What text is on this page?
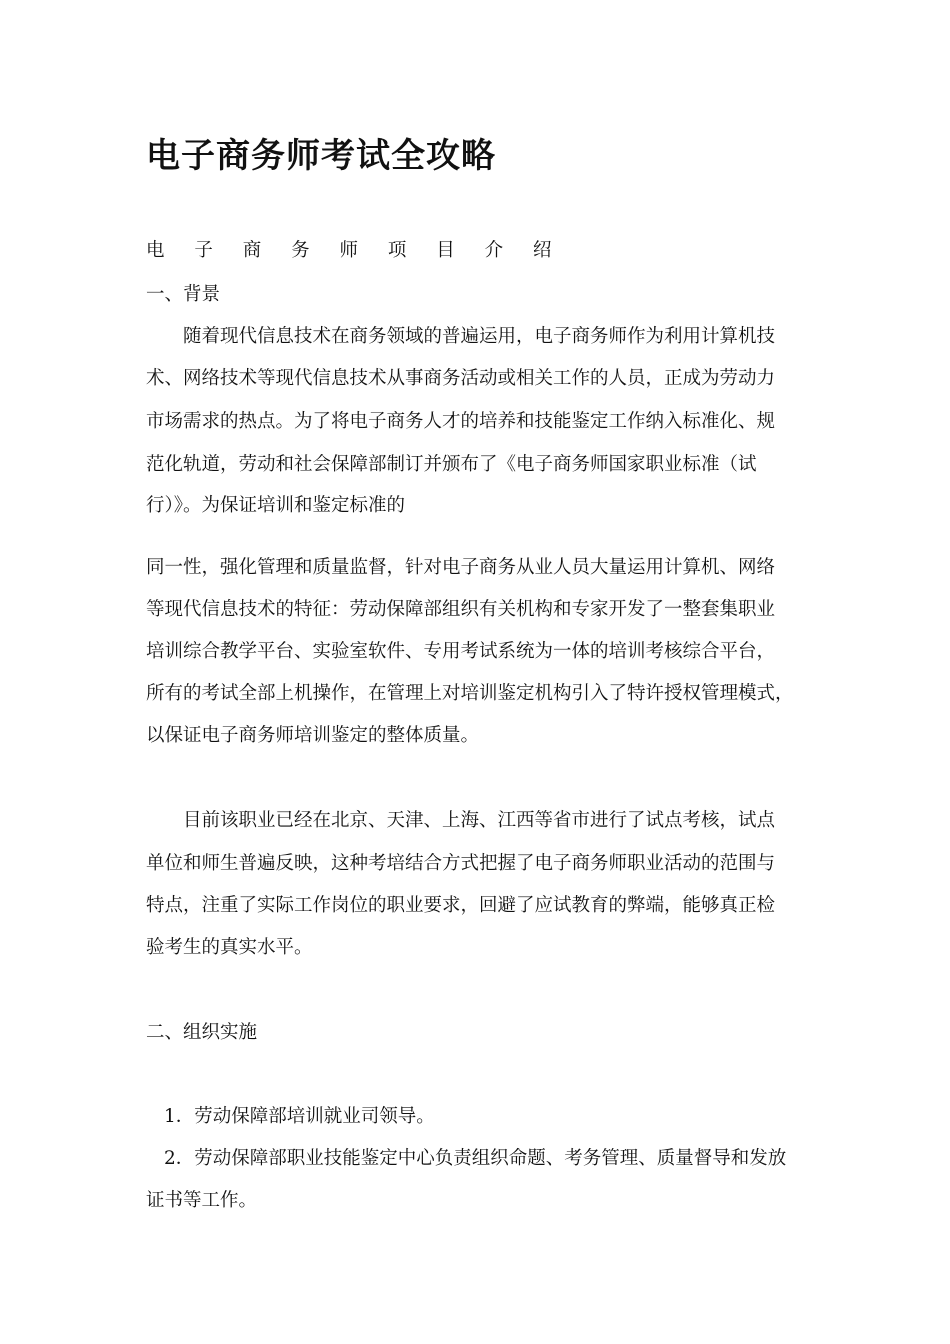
电子商务师考试全攻略
电 子 商 务 师 项 目 介 绍
一、背景
随着现代信息技术在商务领域的普遍运用，电子商务师作为利用计算机技
术、网络技术等现代信息技术从事商务活动或相关工作的人员，正成为劳动力
市场需求的热点。为了将电子商务人才的培养和技能鉴定工作纳入标准化、规
范化轨道，劳动和社会保障部制订并颁布了《电子商务师国家职业标准（试
行）》。为保证培训和鉴定标准的
同一性，强化管理和质量监督，针对电子商务从业人员大量运用计算机、网络
等现代信息技术的特征：劳动保障部组织有关机构和专家开发了一整套集职业
培训综合教学平台、实验室软件、专用考试系统为一体的培训考核综合平台，
所有的考试全部上机操作，在管理上对培训鉴定机构引入了特许授权管理模式，
以保证电子商务师培训鉴定的整体质量。
目前该职业已经在北京、天津、上海、江西等省市进行了试点考核，试点
单位和师生普遍反映，这种考培结合方式把握了电子商务师职业活动的范围与
特点，注重了实际工作岗位的职业要求，回避了应试教育的弊端，能够真正检
验考生的真实水平。
二、组织实施
1．劳动保障部培训就业司领导。
2．劳动保障部职业技能鉴定中心负责组织命题、考务管理、质量督导和发放
证书等工作。
